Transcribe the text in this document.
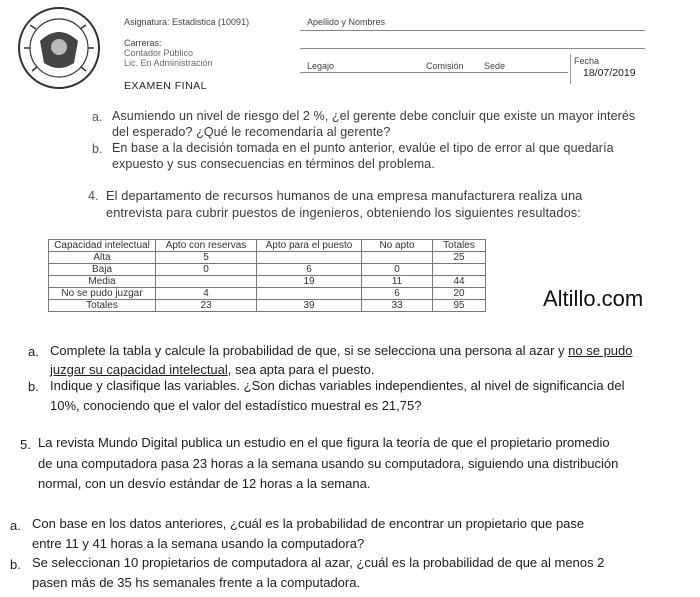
Asignatura: Estadistica (10091)	Apellido y Nombres
Carreras:
Contador Público
Lic. En Administración	Legajo	Comisión Sede	Fecha
18/07/2019
EXAMEN FINAL
a. Asumiendo un nivel de riesgo del 2 %, ¿el gerente debe concluir que existe un mayor interés
del esperado? ¿Qué le recomendaría al gerente?
b. En base a la decisión tomada en el punto anterior, evalúe el tipo de error al que quedaría
expuesto y sus consecuencias en términos del problema.
4. El departamento de recursos humanos de una empresa manufacturera realiza una
entrevista para cubrir puestos de ingenieros, obteniendo los siguientes resultados:
Capacidad intelectual	Apto con reservas	Apto para el puesto	No apto	Totales
Alta	5			25
Baja	0	6	0	
Media		19	11	44
No se pudo juzgar	4		6	20
Totales	23	39	33	95	Altillo.com
a. Complete la tabla y calcule la probabilidad de que, si se selecciona una persona al azar y no se pudo
juzgar su capacidad intelectual, sea apta para el puesto.
b. Indique y clasifique las variables. ¿Son dichas variables independientes, al nivel de significancia del
10%, conociendo que el valor del estadístico muestral es 21,75?
5. La revista Mundo Digital publica un estudio en el que figura la teoría de que el propietario promedio
de una computadora pasa 23 horas a la semana usando su computadora, siguiendo una distribución
normal, con un desvío estándar de 12 horas a la semana.
a. Con base en los datos anteriores, ¿cuál es la probabilidad de encontrar un propietario que pase
entre 11 y 41 horas a la semana usando la computadora?
b. Se seleccionan 10 propietarios de computadora al azar, ¿cuál es la probabilidad de que al menos 2
pasen más de 35 hs semanales frente a la computadora.
